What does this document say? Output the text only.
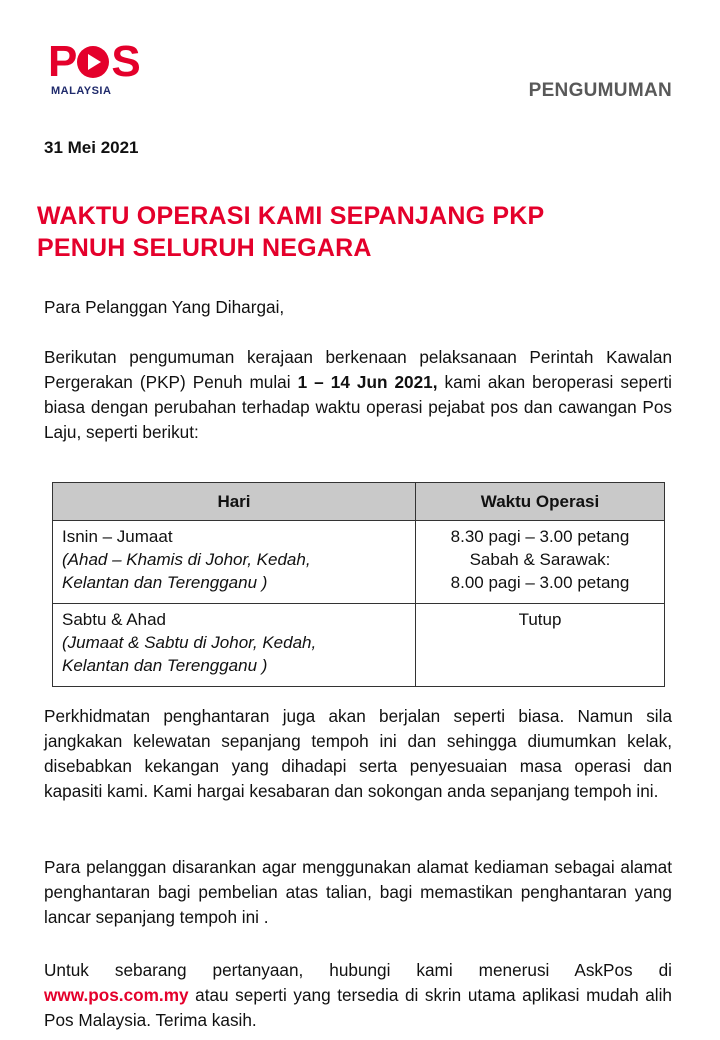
P S
MALAYSIA	PENGUMUMAN
31 Mei 2021
WAKTU OPERASI KAMI SEPANJANG PKP
PENUH SELURUH NEGARA
Para Pelanggan Yang Dihargai,
Berikutan pengumuman kerajaan berkenaan pelaksanaan Perintah Kawalan Pergerakan (PKP) Penuh mulai 1 – 14 Jun 2021, kami akan beroperasi seperti biasa dengan perubahan terhadap waktu operasi pejabat pos dan cawangan Pos Laju, seperti berikut:
Hari	Waktu Operasi

Isnin – Jumaat
(Ahad – Khamis di Johor, Kedah,
Kelantan dan Terengganu )	8.30 pagi – 3.00 petang
Sabah & Sarawak:
8.00 pagi – 3.00 petang

Sabtu & Ahad
(Jumaat & Sabtu di Johor, Kedah,
Kelantan dan Terengganu )	Tutup
Perkhidmatan penghantaran juga akan berjalan seperti biasa. Namun sila jangkakan kelewatan sepanjang tempoh ini dan sehingga diumumkan kelak, disebabkan kekangan yang dihadapi serta penyesuaian masa operasi dan kapasiti kami. Kami hargai kesabaran dan sokongan anda sepanjang tempoh ini.
Para pelanggan disarankan agar menggunakan alamat kediaman sebagai alamat penghantaran bagi pembelian atas talian, bagi memastikan penghantaran yang lancar sepanjang tempoh ini .
Untuk sebarang pertanyaan, hubungi kami menerusi AskPos di www.pos.com.my atau seperti yang tersedia di skrin utama aplikasi mudah alih Pos Malaysia. Terima kasih.
